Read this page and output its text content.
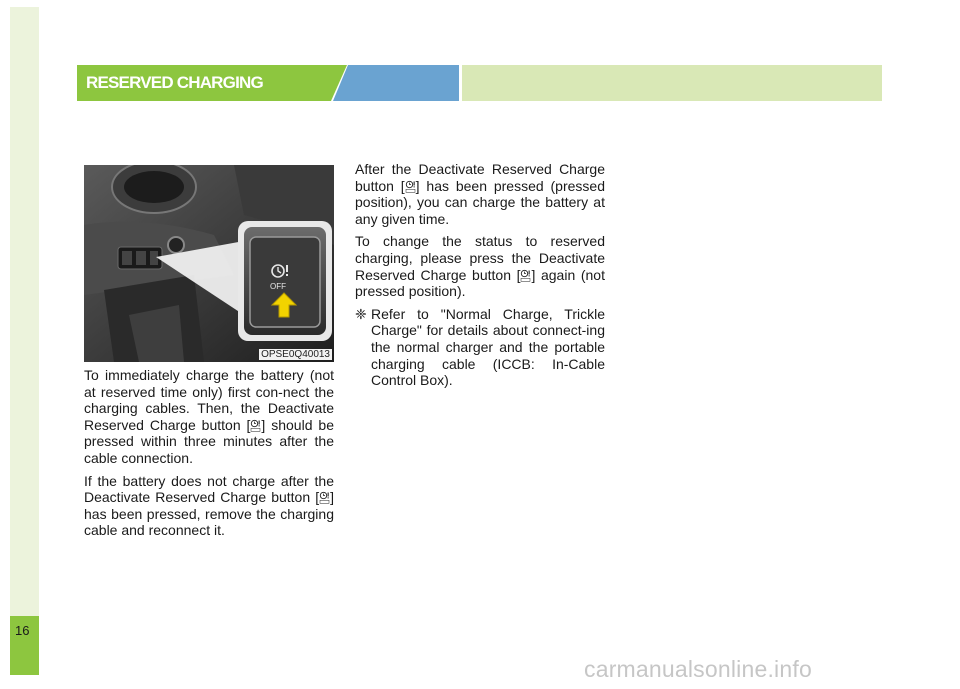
16
RESERVED CHARGING
OFF
OPSE0Q40013

To immediately charge the battery (not at reserved time only) first con-nect the charging cables. Then, the Deactivate Reserved Charge button [ ] should be pressed within three minutes after the cable connection.

If the battery does not charge after the Deactivate Reserved Charge button [ ] has been pressed, remove the charging cable and reconnect it.

After the Deactivate Reserved Charge button [ ] has been pressed (pressed position), you can charge the battery at any given time.

To change the status to reserved charging, please press the Deactivate Reserved Charge button [ ] again (not pressed position).

❈ Refer to "Normal Charge, Trickle Charge" for details about connect-ing the normal charger and the portable charging cable (ICCB: In-Cable Control Box).
carmanualsonline.info
